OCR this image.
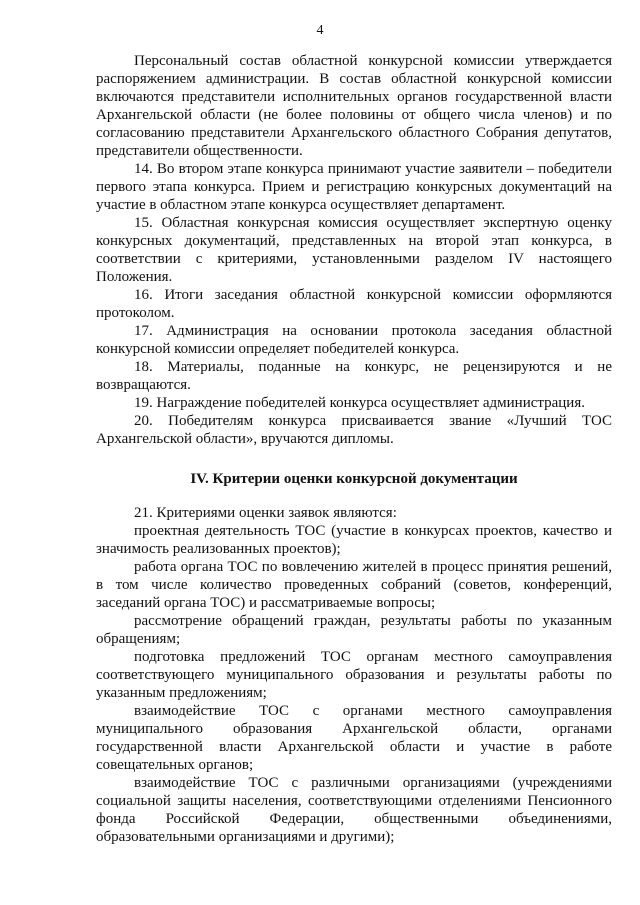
4

Персональный состав областной конкурсной комиссии утверждается распоряжением администрации. В состав областной конкурсной комиссии включаются представители исполнительных органов государственной власти Архангельской области (не более половины от общего числа членов) и по согласованию представители Архангельского областного Собрания депутатов, представители общественности.

14. Во втором этапе конкурса принимают участие заявители – победители первого этапа конкурса. Прием и регистрацию конкурсных документаций на участие в областном этапе конкурса осуществляет департамент.

15. Областная конкурсная комиссия осуществляет экспертную оценку конкурсных документаций, представленных на второй этап конкурса, в соответствии с критериями, установленными разделом IV настоящего Положения.

16. Итоги заседания областной конкурсной комиссии оформляются протоколом.

17. Администрация на основании протокола заседания областной конкурсной комиссии определяет победителей конкурса.

18. Материалы, поданные на конкурс, не рецензируются и не возвращаются.

19. Награждение победителей конкурса осуществляет администрация.

20. Победителям конкурса присваивается звание «Лучший ТОС Архангельской области», вручаются дипломы.

IV. Критерии оценки конкурсной документации

21. Критериями оценки заявок являются:

проектная деятельность ТОС (участие в конкурсах проектов, качество и значимость реализованных проектов);

работа органа ТОС по вовлечению жителей в процесс принятия решений, в том числе количество проведенных собраний (советов, конференций, заседаний органа ТОС) и рассматриваемые вопросы;

рассмотрение обращений граждан, результаты работы по указанным обращениям;

подготовка предложений ТОС органам местного самоуправления соответствующего муниципального образования и результаты работы по указанным предложениям;

взаимодействие ТОС с органами местного самоуправления муниципального образования Архангельской области, органами государственной власти Архангельской области и участие в работе совещательных органов;

взаимодействие ТОС с различными организациями (учреждениями социальной защиты населения, соответствующими отделениями Пенсионного фонда Российской Федерации, общественными объединениями, образовательными организациями и другими);
